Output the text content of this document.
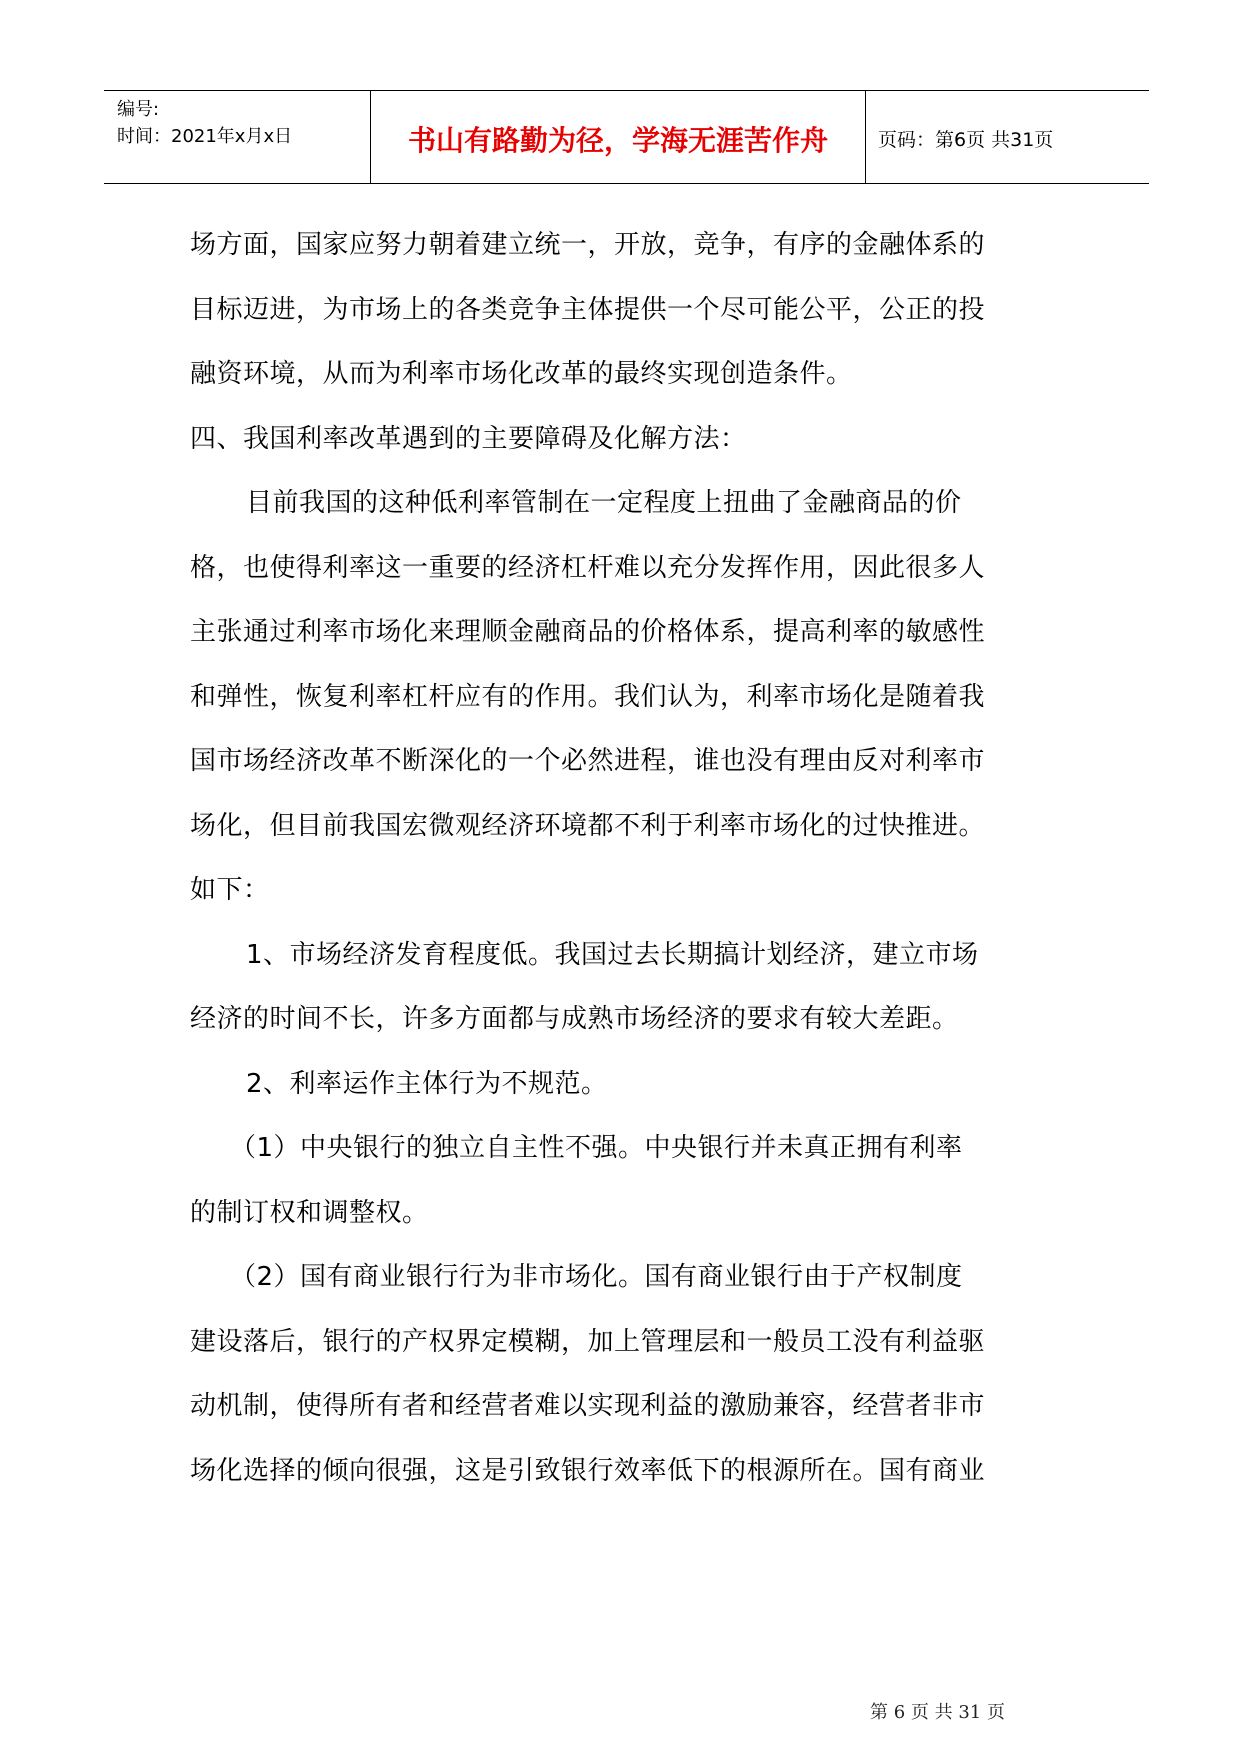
编号:
时间：2021年x月x日	书山有路勤为径，学海无涯苦作舟	页码：第6页 共31页

场方面，国家应努力朝着建立统一，开放，竞争，有序的金融体系的

目标迈进，为市场上的各类竞争主体提供一个尽可能公平，公正的投

融资环境，从而为利率市场化改革的最终实现创造条件。

四、我国利率改革遇到的主要障碍及化解方法：

目前我国的这种低利率管制在一定程度上扭曲了金融商品的价

格，也使得利率这一重要的经济杠杆难以充分发挥作用，因此很多人

主张通过利率市场化来理顺金融商品的价格体系，提高利率的敏感性

和弹性，恢复利率杠杆应有的作用。我们认为，利率市场化是随着我

国市场经济改革不断深化的一个必然进程，谁也没有理由反对利率市

场化，但目前我国宏微观经济环境都不利于利率市场化的过快推进。

如下：

1、市场经济发育程度低。我国过去长期搞计划经济，建立市场

经济的时间不长，许多方面都与成熟市场经济的要求有较大差距。

2、利率运作主体行为不规范。

（1）中央银行的独立自主性不强。中央银行并未真正拥有利率

的制订权和调整权。

（2）国有商业银行行为非市场化。国有商业银行由于产权制度

建设落后，银行的产权界定模糊，加上管理层和一般员工没有利益驱

动机制，使得所有者和经营者难以实现利益的激励兼容，经营者非市

场化选择的倾向很强，这是引致银行效率低下的根源所在。国有商业

第 6 页 共 31 页
